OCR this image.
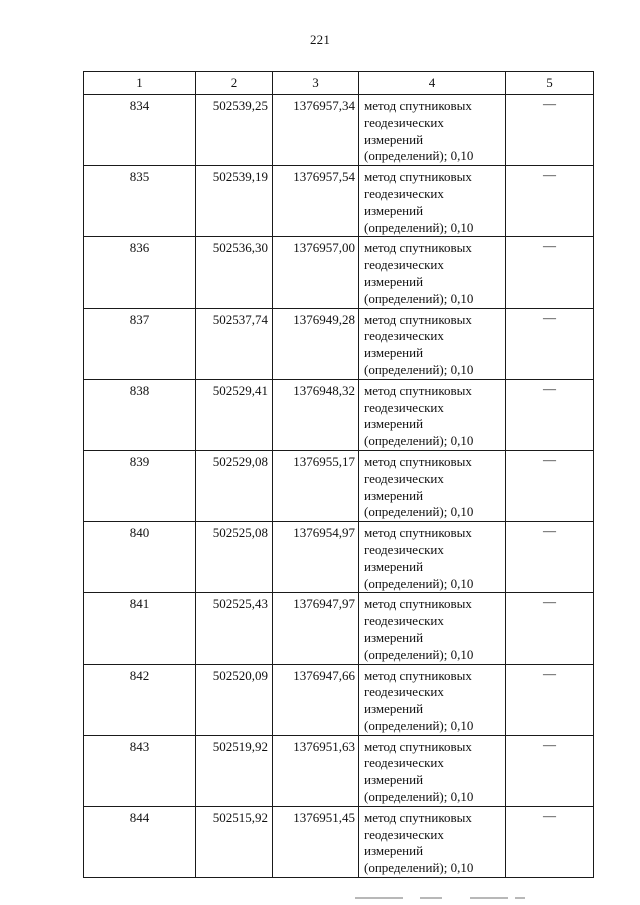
221
1	2	3	4	5
834	502539,25	1376957,34	метод спутниковых геодезических измерений (определений); 0,10	—
835	502539,19	1376957,54	метод спутниковых геодезических измерений (определений); 0,10	—
836	502536,30	1376957,00	метод спутниковых геодезических измерений (определений); 0,10	—
837	502537,74	1376949,28	метод спутниковых геодезических измерений (определений); 0,10	—
838	502529,41	1376948,32	метод спутниковых геодезических измерений (определений); 0,10	—
839	502529,08	1376955,17	метод спутниковых геодезических измерений (определений); 0,10	—
840	502525,08	1376954,97	метод спутниковых геодезических измерений (определений); 0,10	—
841	502525,43	1376947,97	метод спутниковых геодезических измерений (определений); 0,10	—
842	502520,09	1376947,66	метод спутниковых геодезических измерений (определений); 0,10	—
843	502519,92	1376951,63	метод спутниковых геодезических измерений (определений); 0,10	—
844	502515,92	1376951,45	метод спутниковых геодезических измерений (определений); 0,10	—
